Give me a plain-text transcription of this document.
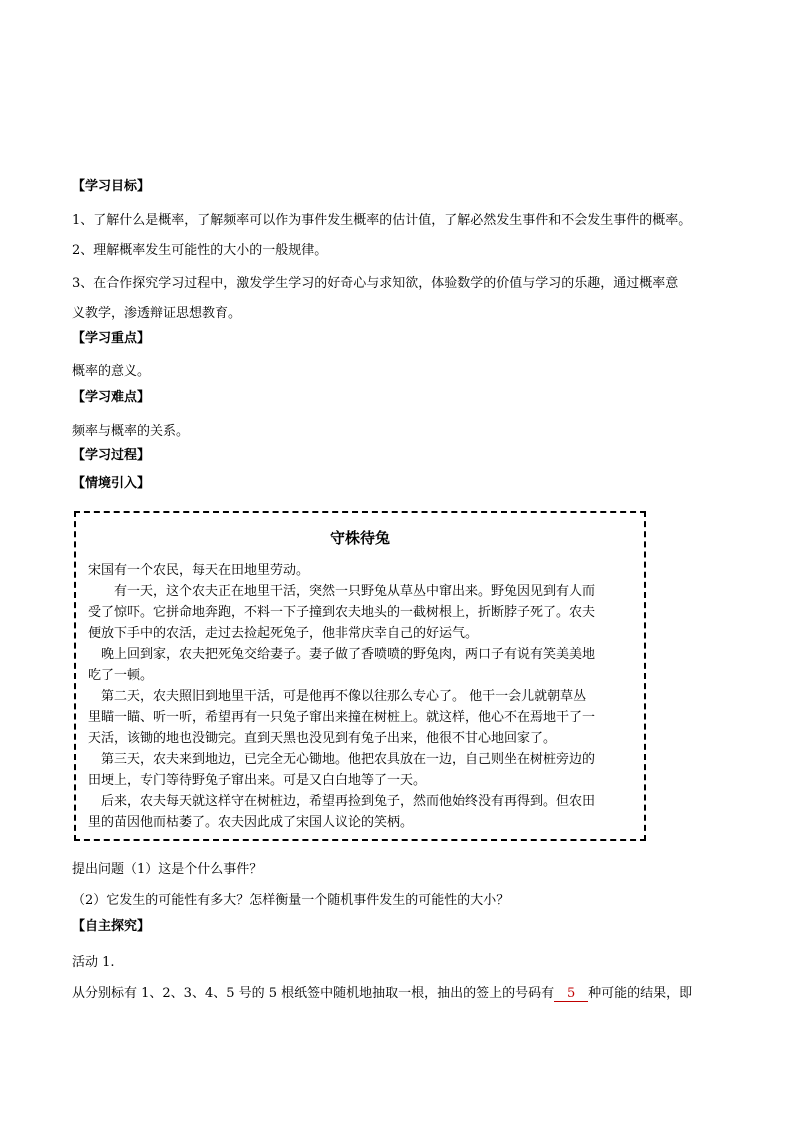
【学习目标】
1、了解什么是概率，了解频率可以作为事件发生概率的估计值，了解必然发生事件和不会发生事件的概率。
2、理解概率发生可能性的大小的一般规律。
3、在合作探究学习过程中，激发学生学习的好奇心与求知欲，体验数学的价值与学习的乐趣，通过概率意
义教学，渗透辩证思想教育。
【学习重点】
概率的意义。
【学习难点】
频率与概率的关系。
【学习过程】
【情境引入】
守株待兔
宋国有一个农民，每天在田地里劳动。
　　有一天，这个农夫正在地里干活，突然一只野兔从草丛中窜出来。野兔因见到有人而
受了惊吓。它拼命地奔跑，不料一下子撞到农夫地头的一截树根上，折断脖子死了。农夫
便放下手中的农活，走过去捡起死兔子，他非常庆幸自己的好运气。
　晚上回到家，农夫把死兔交给妻子。妻子做了香喷喷的野兔肉，两口子有说有笑美美地
吃了一顿。
　第二天，农夫照旧到地里干活，可是他再不像以往那么专心了。 他干一会儿就朝草丛
里瞄一瞄、听一听，希望再有一只兔子窜出来撞在树桩上。就这样，他心不在焉地干了一
天活，该锄的地也没锄完。直到天黑也没见到有兔子出来，他很不甘心地回家了。
　第三天，农夫来到地边，已完全无心锄地。他把农具放在一边，自己则坐在树桩旁边的
田埂上，专门等待野兔子窜出来。可是又白白地等了一天。
　后来，农夫每天就这样守在树桩边，希望再捡到兔子，然而他始终没有再得到。但农田
里的苗因他而枯萎了。农夫因此成了宋国人议论的笑柄。
提出问题（1）这是个什么事件？
（2）它发生的可能性有多大？怎样衡量一个随机事件发生的可能性的大小？
【自主探究】
活动 1.
从分别标有 1、2、3、4、5 号的 5 根纸签中随机地抽取一根，抽出的签上的号码有 5 种可能的结果，即
